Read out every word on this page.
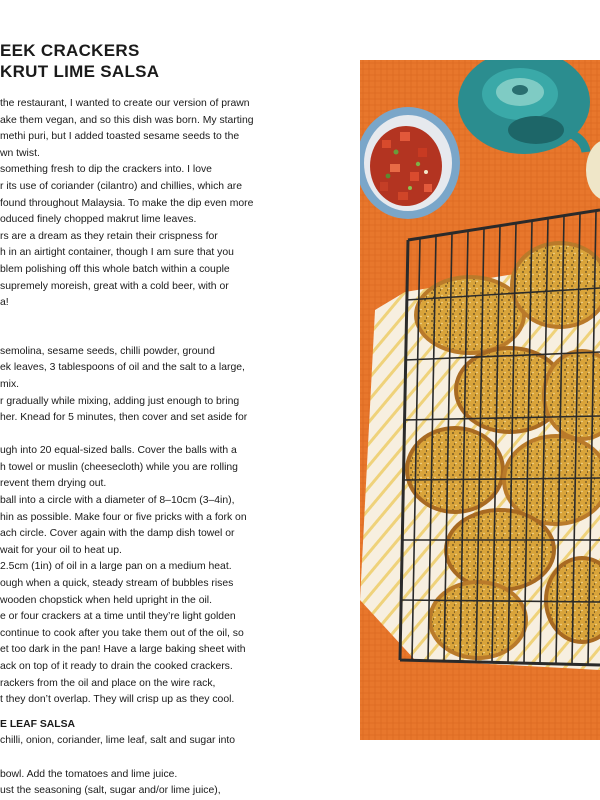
EEK CRACKERS
KRUT LIME SALSA
the restaurant, I wanted to create our version of prawn
ake them vegan, and so this dish was born. My starting
methi puri, but I added toasted sesame seeds to the
wn twist.
something fresh to dip the crackers into. I love
r its use of coriander (cilantro) and chillies, which are
found throughout Malaysia. To make the dip even more
oduced finely chopped makrut lime leaves.
rs are a dream as they retain their crispness for
h in an airtight container, though I am sure that you
blem polishing off this whole batch within a couple
supremely moreish, great with a cold beer, with or
a!
semolina, sesame seeds, chilli powder, ground
ek leaves, 3 tablespoons of oil and the salt to a large,
mix.
r gradually while mixing, adding just enough to bring
her. Knead for 5 minutes, then cover and set aside for
ugh into 20 equal-sized balls. Cover the balls with a
h towel or muslin (cheesecloth) while you are rolling
revent them drying out.
ball into a circle with a diameter of 8–10cm (3–4in),
hin as possible. Make four or five pricks with a fork on
ach circle. Cover again with the damp dish towel or
wait for your oil to heat up.
2.5cm (1in) of oil in a large pan on a medium heat.
ough when a quick, steady stream of bubbles rises
wooden chopstick when held upright in the oil.
e or four crackers at a time until they’re light golden
continue to cook after you take them out of the oil, so
et too dark in the pan! Have a large baking sheet with
ack on top of it ready to drain the cooked crackers.
rackers from the oil and place on the wire rack,
t they don’t overlap. They will crisp up as they cool.
E LEAF SALSA
chilli, onion, coriander, lime leaf, salt and sugar into
bowl. Add the tomatoes and lime juice.
ust the seasoning (salt, sugar and/or lime juice),
